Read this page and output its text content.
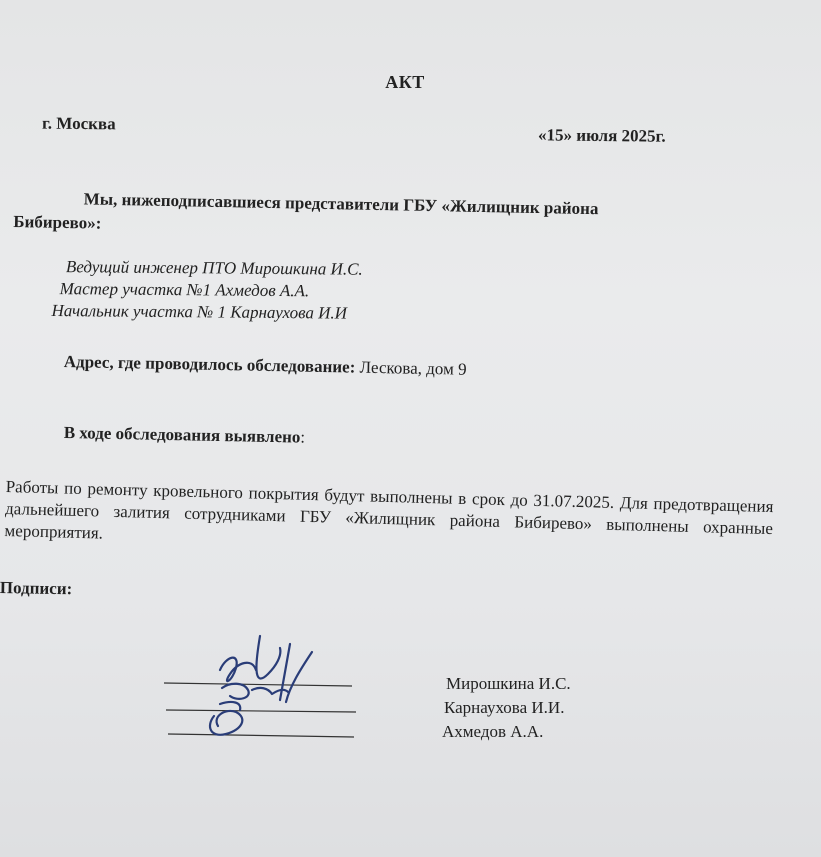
АКТ
г. Москва
«15» июля 2025г.
Мы, нижеподписавшиеся представители ГБУ «Жилищник района
Бибирево»:
Ведущий инженер ПТО Мирошкина И.С.
Мастер участка №1 Ахмедов А.А.
Начальник участка № 1 Карнаухова И.И
Адрес, где проводилось обследование: Лескова, дом 9
В ходе обследования выявлено:
Работы по ремонту кровельного покрытия будут выполнены в срок до 31.07.2025. Для предотвращения дальнейшего залития сотрудниками ГБУ «Жилищник района Бибирево» выполнены охранные мероприятия.
Подписи:
Мирошкина И.С.
Карнаухова И.И.
Ахмедов А.А.
